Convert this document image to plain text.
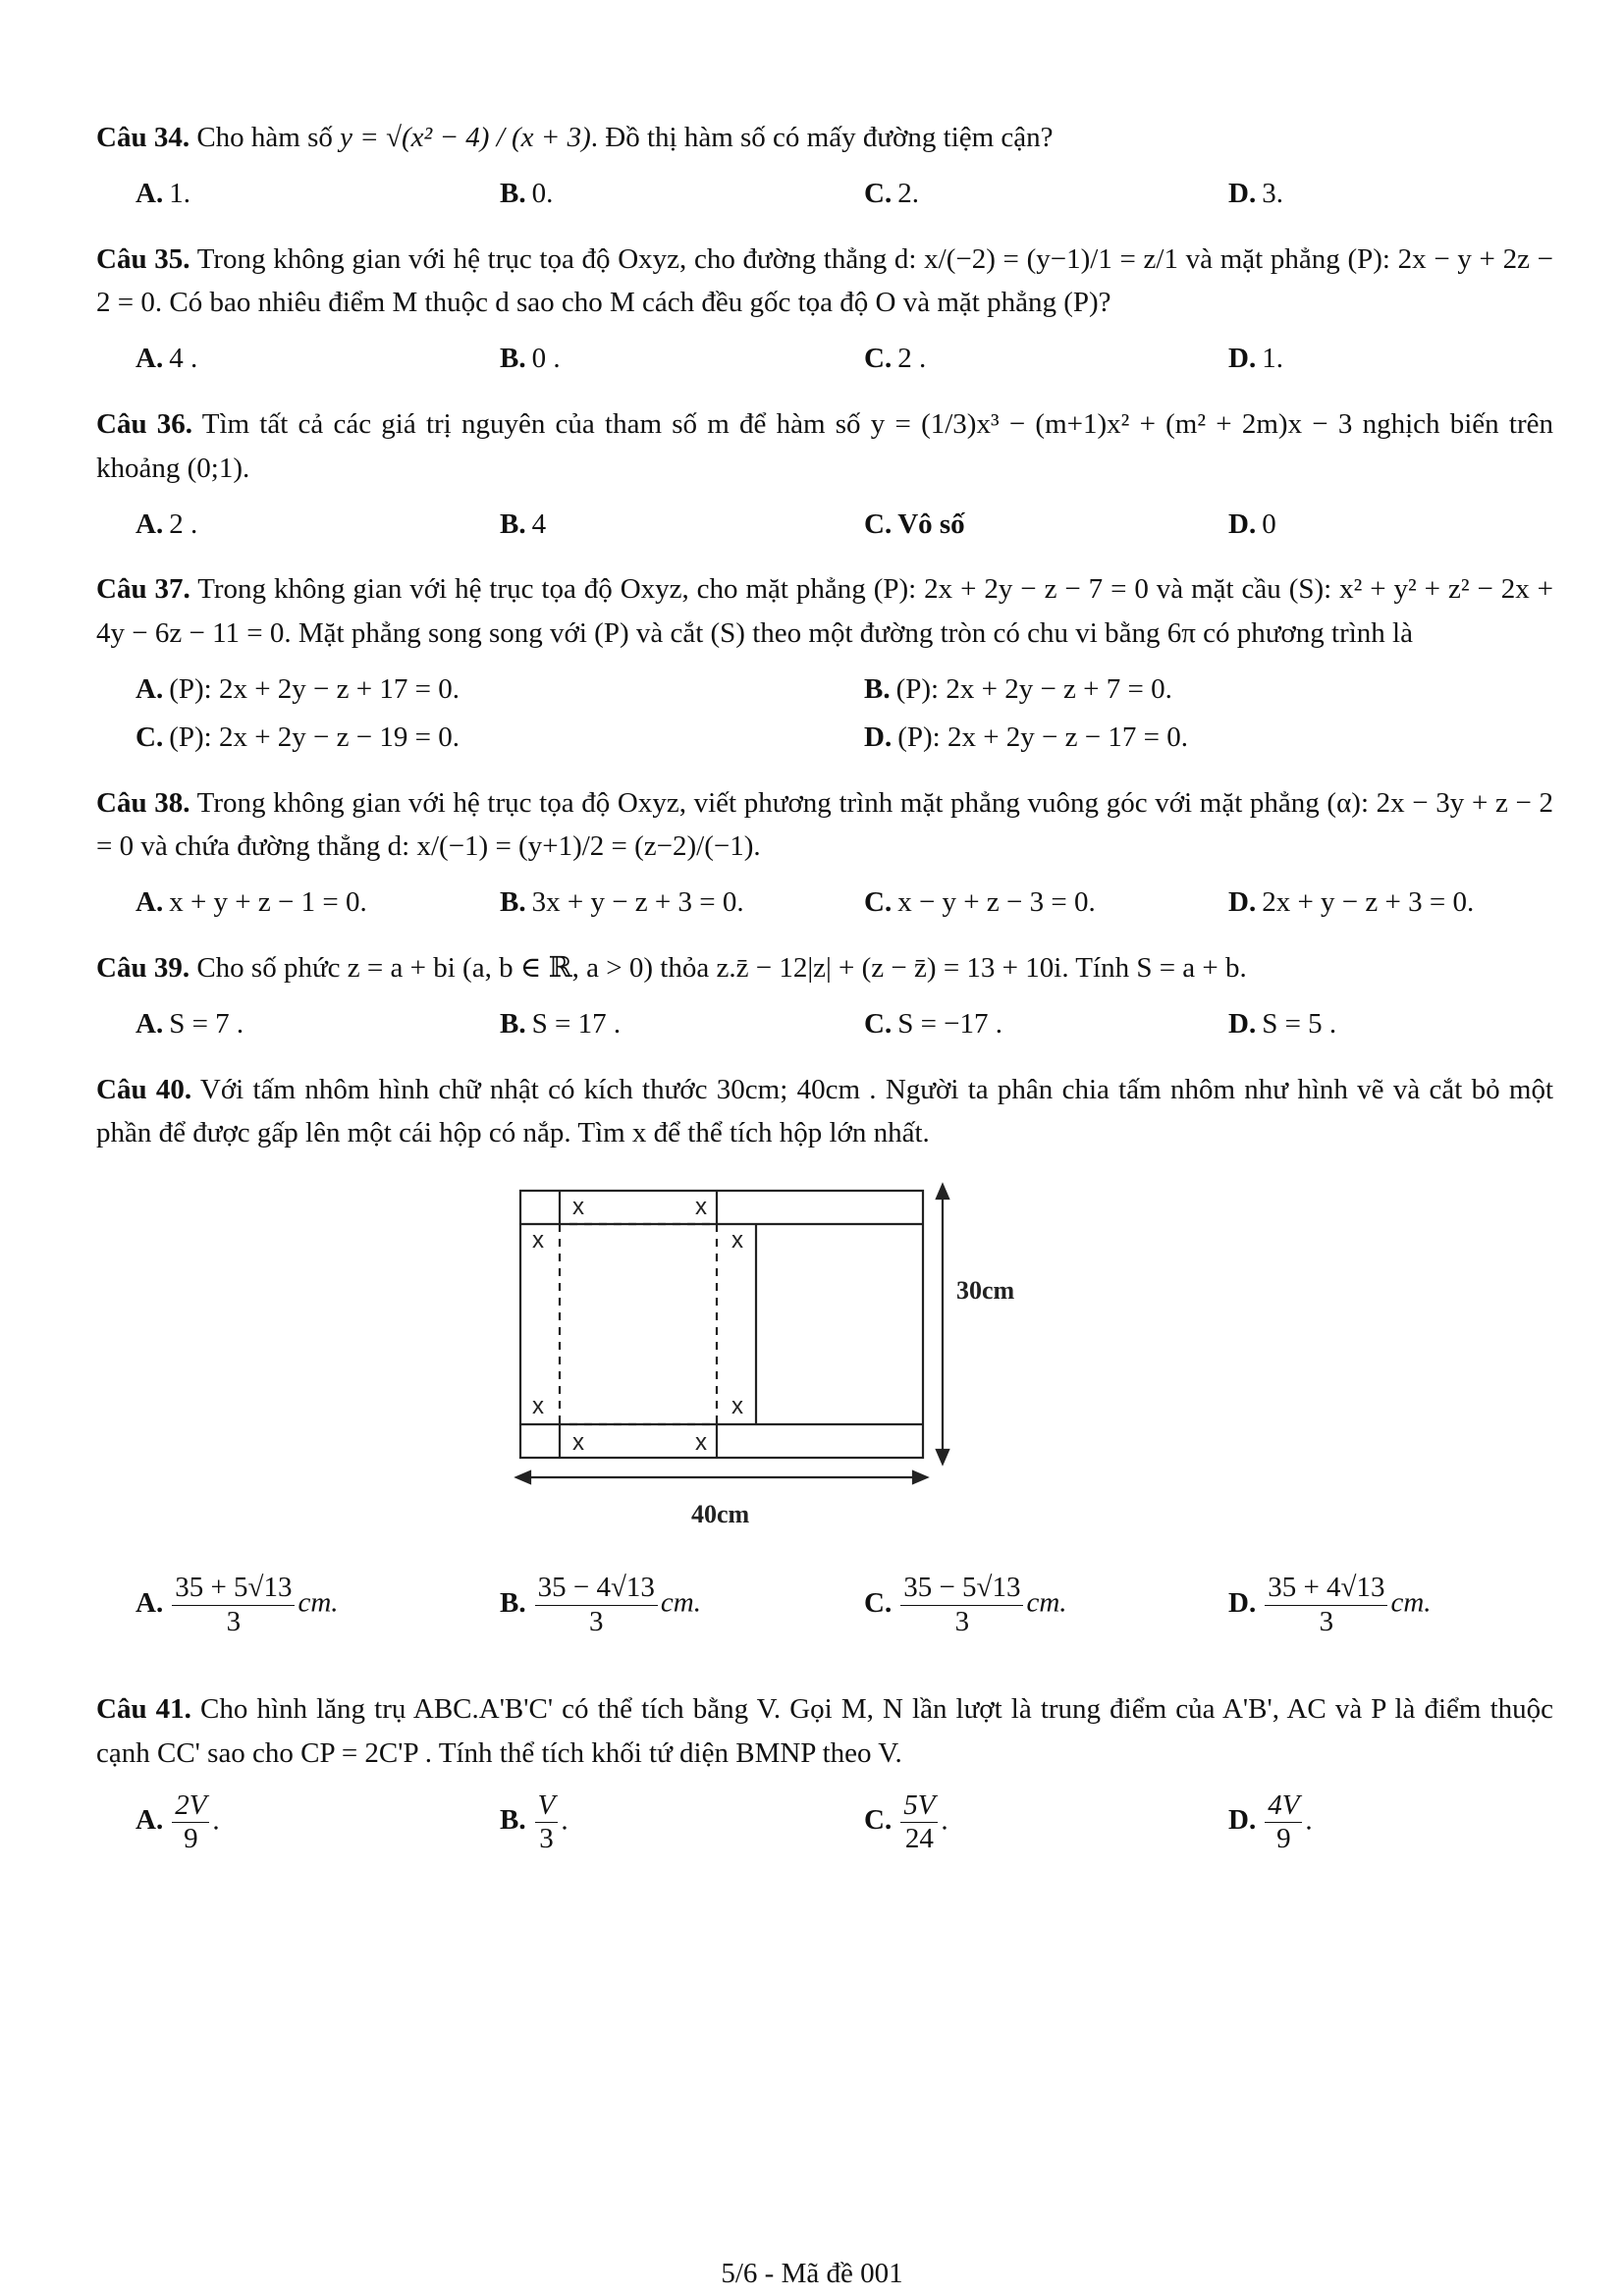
Câu 34. Cho hàm số y = √(x² − 4) / (x + 3). Đồ thị hàm số có mấy đường tiệm cận?
A. 1.	B. 0.	C. 2.	D. 3.
Câu 35. Trong không gian với hệ trục tọa độ Oxyz, cho đường thẳng d: x/(−2) = (y−1)/1 = z/1 và mặt phẳng (P): 2x − y + 2z − 2 = 0. Có bao nhiêu điểm M thuộc d sao cho M cách đều gốc tọa độ O và mặt phẳng (P)?
A. 4 .	B. 0 .	C. 2 .	D. 1.
Câu 36. Tìm tất cả các giá trị nguyên của tham số m để hàm số y = (1/3)x³ − (m+1)x² + (m² + 2m)x − 3 nghịch biến trên khoảng (0;1).
A. 2 .	B. 4	C. Vô số	D. 0
Câu 37. Trong không gian với hệ trục tọa độ Oxyz, cho mặt phẳng (P): 2x + 2y − z − 7 = 0 và mặt cầu (S): x² + y² + z² − 2x + 4y − 6z − 11 = 0. Mặt phẳng song song với (P) và cắt (S) theo một đường tròn có chu vi bằng 6π có phương trình là
A. (P): 2x + 2y − z + 17 = 0.	B. (P): 2x + 2y − z + 7 = 0.
C. (P): 2x + 2y − z − 19 = 0.	D. (P): 2x + 2y − z − 17 = 0.
Câu 38. Trong không gian với hệ trục tọa độ Oxyz, viết phương trình mặt phẳng vuông góc với mặt phẳng (α): 2x − 3y + z − 2 = 0 và chứa đường thẳng d: x/(−1) = (y+1)/2 = (z−2)/(−1).
A. x + y + z − 1 = 0.	B. 3x + y − z + 3 = 0.	C. x − y + z − 3 = 0.	D. 2x + y − z + 3 = 0.
Câu 39. Cho số phức z = a + bi (a, b ∈ ℝ, a > 0) thỏa z.z̄ − 12|z| + (z − z̄) = 13 + 10i. Tính S = a + b.
A. S = 7 .	B. S = 17 .	C. S = −17 .	D. S = 5 .
Câu 40. Với tấm nhôm hình chữ nhật có kích thước 30cm; 40cm . Người ta phân chia tấm nhôm như hình vẽ và cắt bỏ một phần để được gấp lên một cái hộp có nắp. Tìm x để thể tích hộp lớn nhất.
x	x
x	x
x	x
x	x
30cm
40cm
A. $\frac{35 + 5√13}{3}$ cm.	B. $\frac{35 - 4√13}{3}$ cm.	C. $\frac{35 - 5√13}{3}$ cm.	D. $\frac{35 + 4√13}{3}$ cm.
Câu 41. Cho hình lăng trụ ABC.A'B'C' có thể tích bằng V. Gọi M, N lần lượt là trung điểm của A'B', AC và P là điểm thuộc cạnh CC' sao cho CP = 2C'P . Tính thể tích khối tứ diện BMNP theo V.
A. $\frac{2V}{9}$ .	B. $\frac{V}{3}$ .	C. $\frac{5V}{24}$ .	D. $\frac{4V}{9}$ .
5/6 - Mã đề 001
